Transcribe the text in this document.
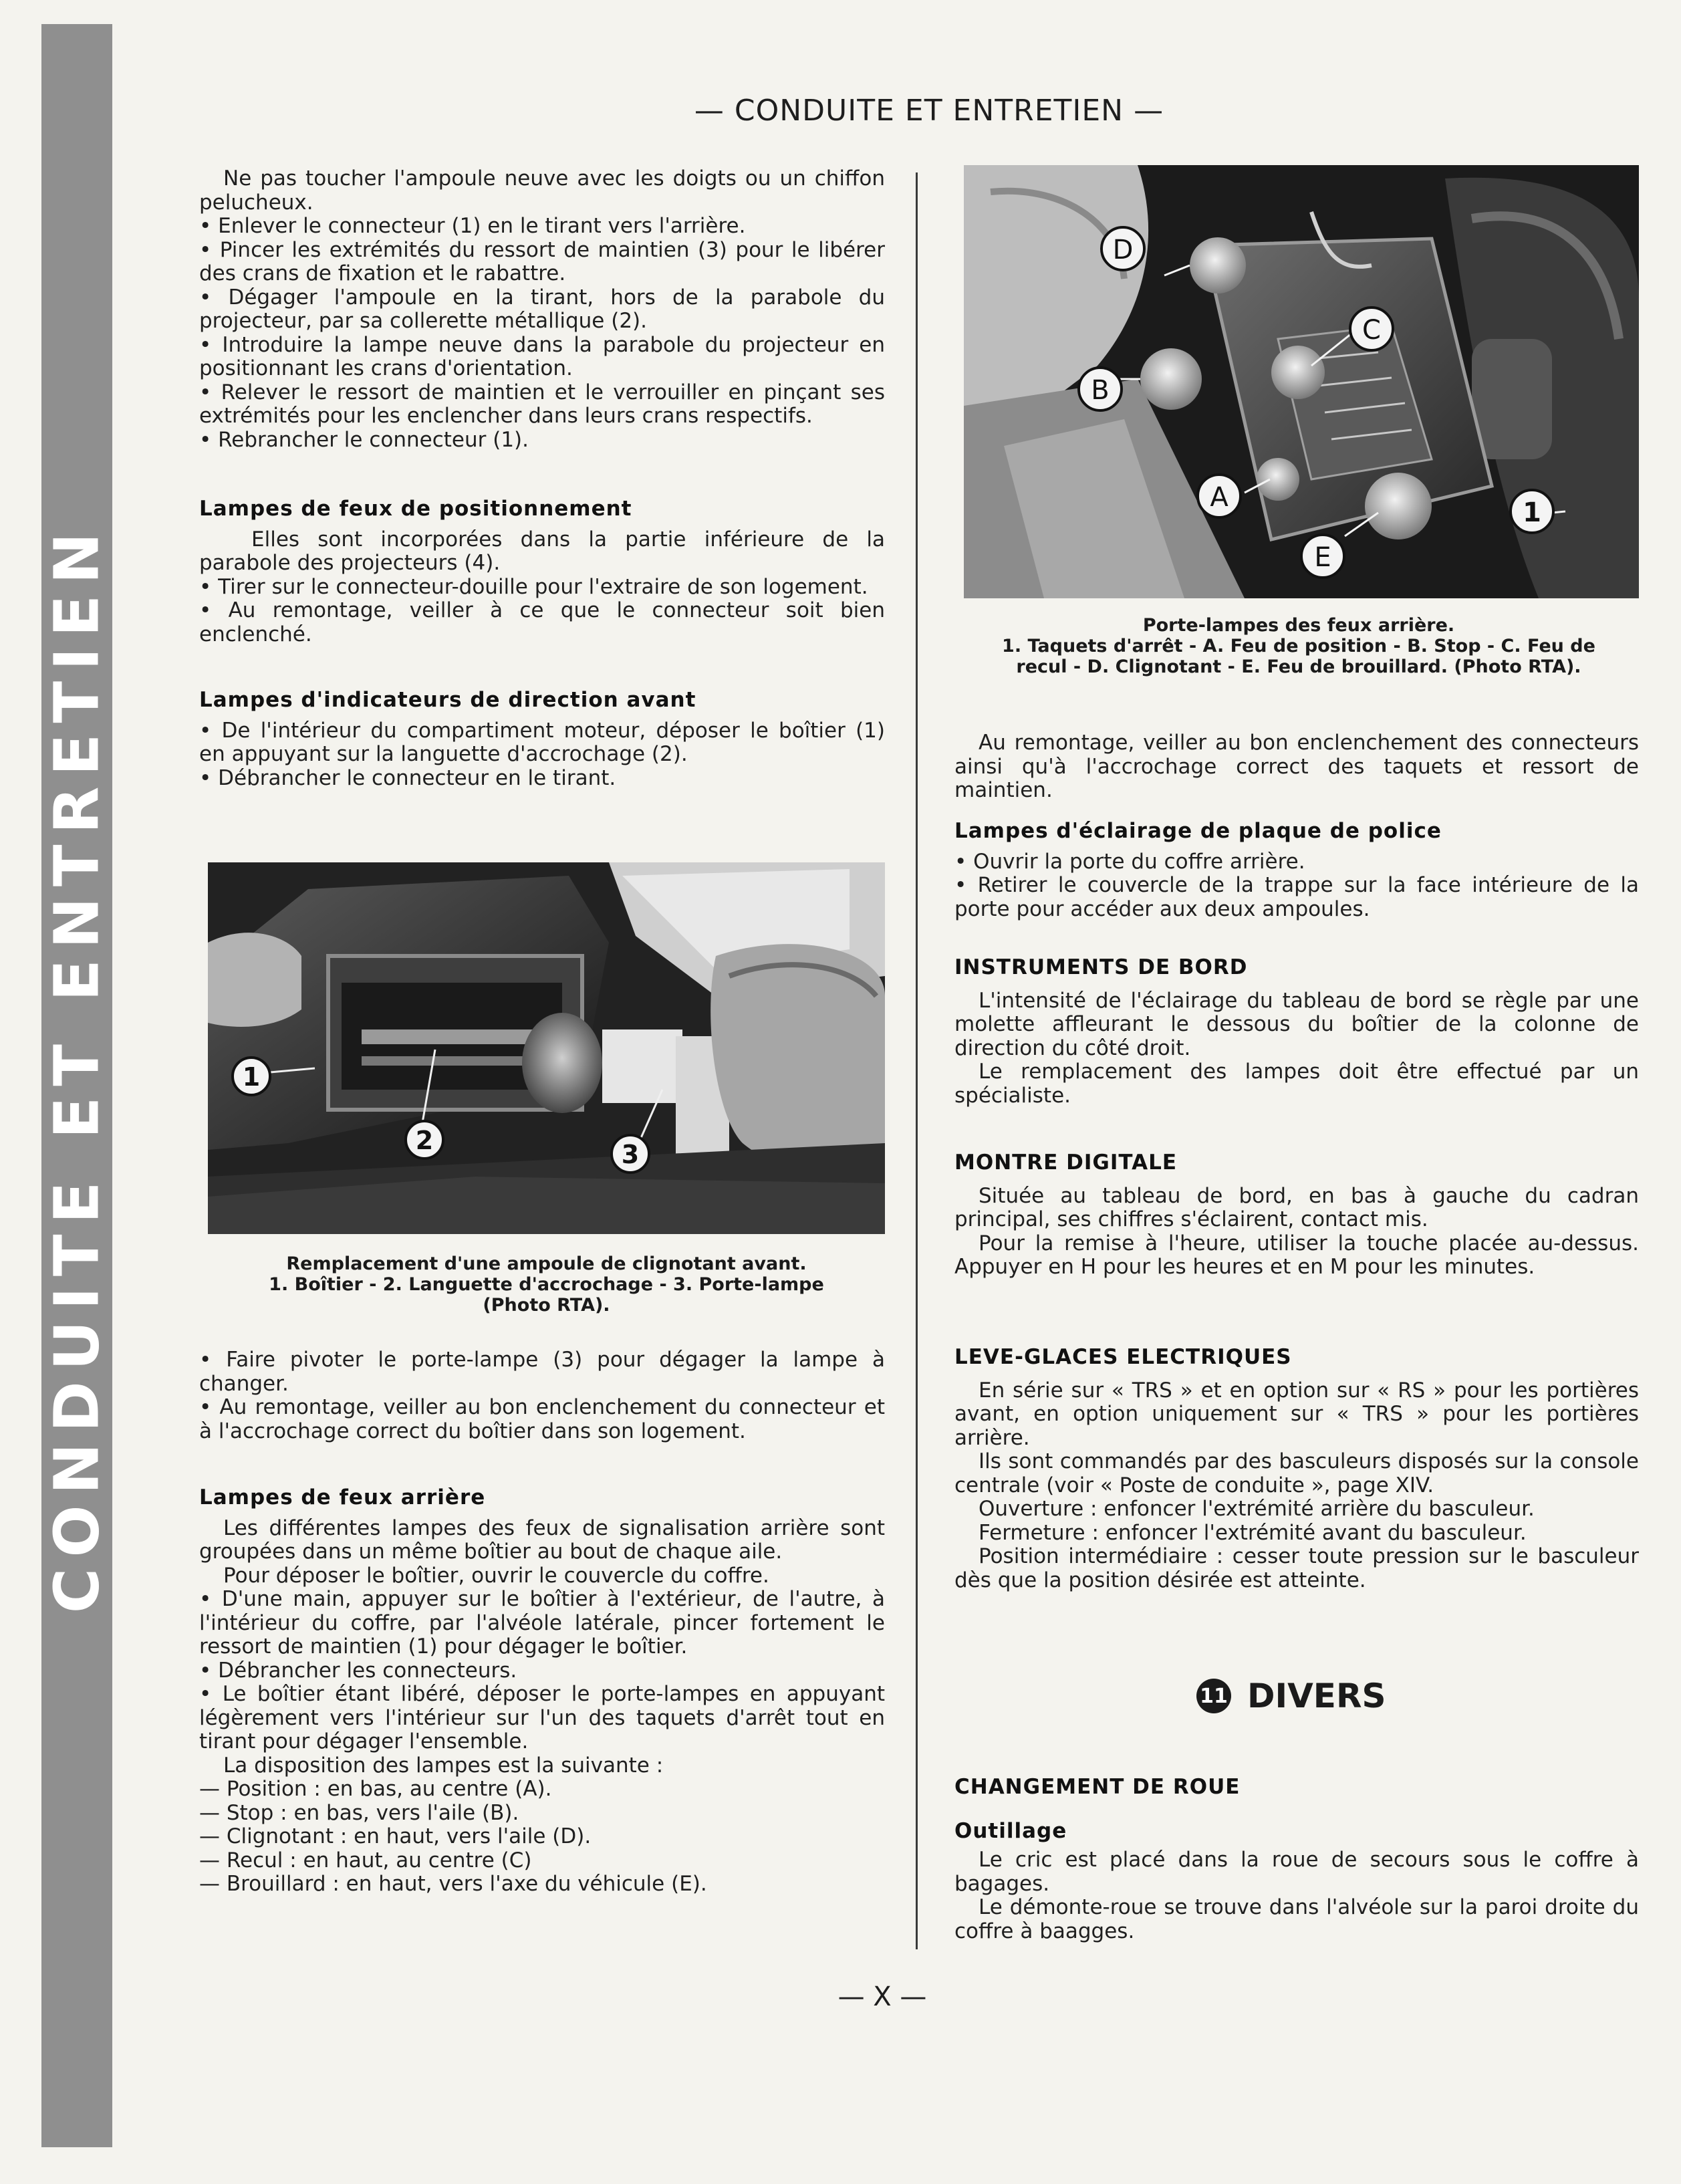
CONDUITE ET ENTRETIEN
— CONDUITE ET ENTRETIEN —

Ne pas toucher l'ampoule neuve avec les doigts ou un chiffon pelucheux.

• Enlever le connecteur (1) en le tirant vers l'arrière.

• Pincer les extrémités du ressort de maintien (3) pour le libérer des crans de fixation et le rabattre.

• Dégager l'ampoule en la tirant, hors de la parabole du projecteur, par sa collerette métallique (2).

• Introduire la lampe neuve dans la parabole du projecteur en positionnant les crans d'orientation.

• Relever le ressort de maintien et le verrouiller en pinçant ses extrémités pour les enclencher dans leurs crans respectifs.

• Rebrancher le connecteur (1).

Lampes de feux de positionnement

Elles sont incorporées dans la partie inférieure de la parabole des projecteurs (4).

• Tirer sur le connecteur-douille pour l'extraire de son logement.

• Au remontage, veiller à ce que le connecteur soit bien enclenché.

Lampes d'indicateurs de direction avant

• De l'intérieur du compartiment moteur, déposer le boîtier (1) en appuyant sur la languette d'accrochage (2).

• Débrancher le connecteur en le tirant.

• Faire pivoter le porte-lampe (3) pour dégager la lampe à changer.

• Au remontage, veiller au bon enclenchement du connecteur et à l'accrochage correct du boîtier dans son logement.

Lampes de feux arrière

Les différentes lampes des feux de signalisation arrière sont groupées dans un même boîtier au bout de chaque aile.

Pour déposer le boîtier, ouvrir le couvercle du coffre.

• D'une main, appuyer sur le boîtier à l'extérieur, de l'autre, à l'intérieur du coffre, par l'alvéole latérale, pincer fortement le ressort de maintien (1) pour dégager le boîtier.

• Débrancher les connecteurs.

• Le boîtier étant libéré, déposer le porte-lampes en appuyant légèrement vers l'intérieur sur l'un des taquets d'arrêt tout en tirant pour dégager l'ensemble.

La disposition des lampes est la suivante :

— Position : en bas, au centre (A).

— Stop : en bas, vers l'aile (B).

— Clignotant : en haut, vers l'aile (D).

— Recul : en haut, au centre (C)

— Brouillard : en haut, vers l'axe du véhicule (E).

1
2	3
Remplacement d'une ampoule de clignotant avant.
1. Boîtier - 2. Languette d'accrochage - 3. Porte-lampe
(Photo RTA).
D
C
B
A
E
1
Porte-lampes des feux arrière.
1. Taquets d'arrêt - A. Feu de position - B. Stop - C. Feu de
recul - D. Clignotant - E. Feu de brouillard. (Photo RTA).

Au remontage, veiller au bon enclenchement des connecteurs ainsi qu'à l'accrochage correct des taquets et ressort de maintien.

Lampes d'éclairage de plaque de police

• Ouvrir la porte du coffre arrière.

• Retirer le couvercle de la trappe sur la face intérieure de la porte pour accéder aux deux ampoules.

INSTRUMENTS DE BORD

L'intensité de l'éclairage du tableau de bord se règle par une molette affleurant le dessous du boîtier de la colonne de direction du côté droit.

Le remplacement des lampes doit être effectué par un spécialiste.

MONTRE DIGITALE

Située au tableau de bord, en bas à gauche du cadran principal, ses chiffres s'éclairent, contact mis.

Pour la remise à l'heure, utiliser la touche placée au-dessus. Appuyer en H pour les heures et en M pour les minutes.

LEVE-GLACES ELECTRIQUES

En série sur « TRS » et en option sur « RS » pour les portières avant, en option uniquement sur « TRS » pour les portières arrière.

Ils sont commandés par des basculeurs disposés sur la console centrale (voir « Poste de conduite », page XIV.

Ouverture : enfoncer l'extrémité arrière du basculeur.

Fermeture : enfoncer l'extrémité avant du basculeur.

Position intermédiaire : cesser toute pression sur le basculeur dès que la position désirée est atteinte.

CHANGEMENT DE ROUE
Outillage

Le cric est placé dans la roue de secours sous le coffre à bagages.

Le démonte-roue se trouve dans l'alvéole sur la paroi droite du coffre à baagges.

11 DIVERS
— X —
